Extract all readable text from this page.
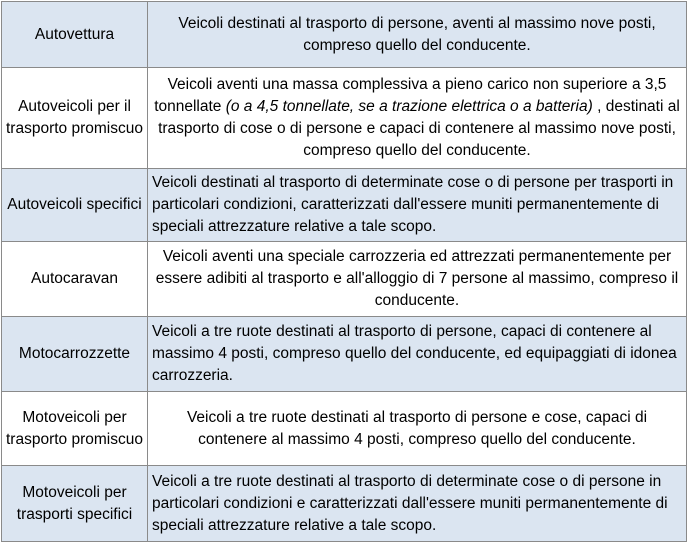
Autovettura	Veicoli destinati al trasporto di persone, aventi al massimo nove posti, compreso quello del conducente.
Autoveicoli per il trasporto promiscuo	Veicoli aventi una massa complessiva a pieno carico non superiore a 3,5 tonnellate (o a 4,5 tonnellate, se a trazione elettrica o a batteria) , destinati al trasporto di cose o di persone e capaci di contenere al massimo nove posti, compreso quello del conducente.
Autoveicoli specifici	Veicoli destinati al trasporto di determinate cose o di persone per trasporti in particolari condizioni, caratterizzati dall'essere muniti permanentemente di speciali attrezzature relative a tale scopo.
Autocaravan	Veicoli aventi una speciale carrozzeria ed attrezzati permanentemente per essere adibiti al trasporto e all'alloggio di 7 persone al massimo, compreso il conducente.
Motocarrozzette	Veicoli a tre ruote destinati al trasporto di persone, capaci di contenere al massimo 4 posti, compreso quello del conducente, ed equipaggiati di idonea carrozzeria.
Motoveicoli per trasporto promiscuo	Veicoli a tre ruote destinati al trasporto di persone e cose, capaci di contenere al massimo 4 posti, compreso quello del conducente.
Motoveicoli per trasporti specifici	Veicoli a tre ruote destinati al trasporto di determinate cose o di persone in particolari condizioni e caratterizzati dall'essere muniti permanentemente di speciali attrezzature relative a tale scopo.
